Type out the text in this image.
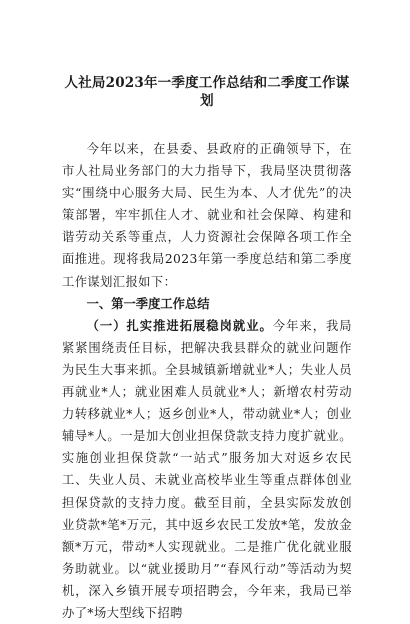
人社局2023年一季度工作总结和二季度工作谋划

今年以来，在县委、县政府的正确领导下，在市人社局业务部门的大力指导下，我局坚决贯彻落实“围绕中心服务大局、民生为本、人才优先”的决策部署，牢牢抓住人才、就业和社会保障、构建和谐劳动关系等重点，人力资源社会保障各项工作全面推进。现将我局2023年第一季度总结和第二季度工作谋划汇报如下：

一、第一季度工作总结

（一）扎实推进拓展稳岗就业。今年来，我局紧紧围绕责任目标，把解决我县群众的就业问题作为民生大事来抓。全县城镇新增就业*人；失业人员再就业*人；就业困难人员就业*人；新增农村劳动力转移就业*人；返乡创业*人，带动就业*人；创业辅导*人。一是加大创业担保贷款支持力度扩就业。实施创业担保贷款“一站式”服务加大对返乡农民工、失业人员、未就业高校毕业生等重点群体创业担保贷款的支持力度。截至目前，全县实际发放创业贷款*笔*万元，其中返乡农民工发放*笔，发放金额*万元，带动*人实现就业。二是推广优化就业服务助就业。以“就业援助月”“春风行动”等活动为契机，深入乡镇开展专项招聘会，今年来，我局已举办了*场大型线下招聘
